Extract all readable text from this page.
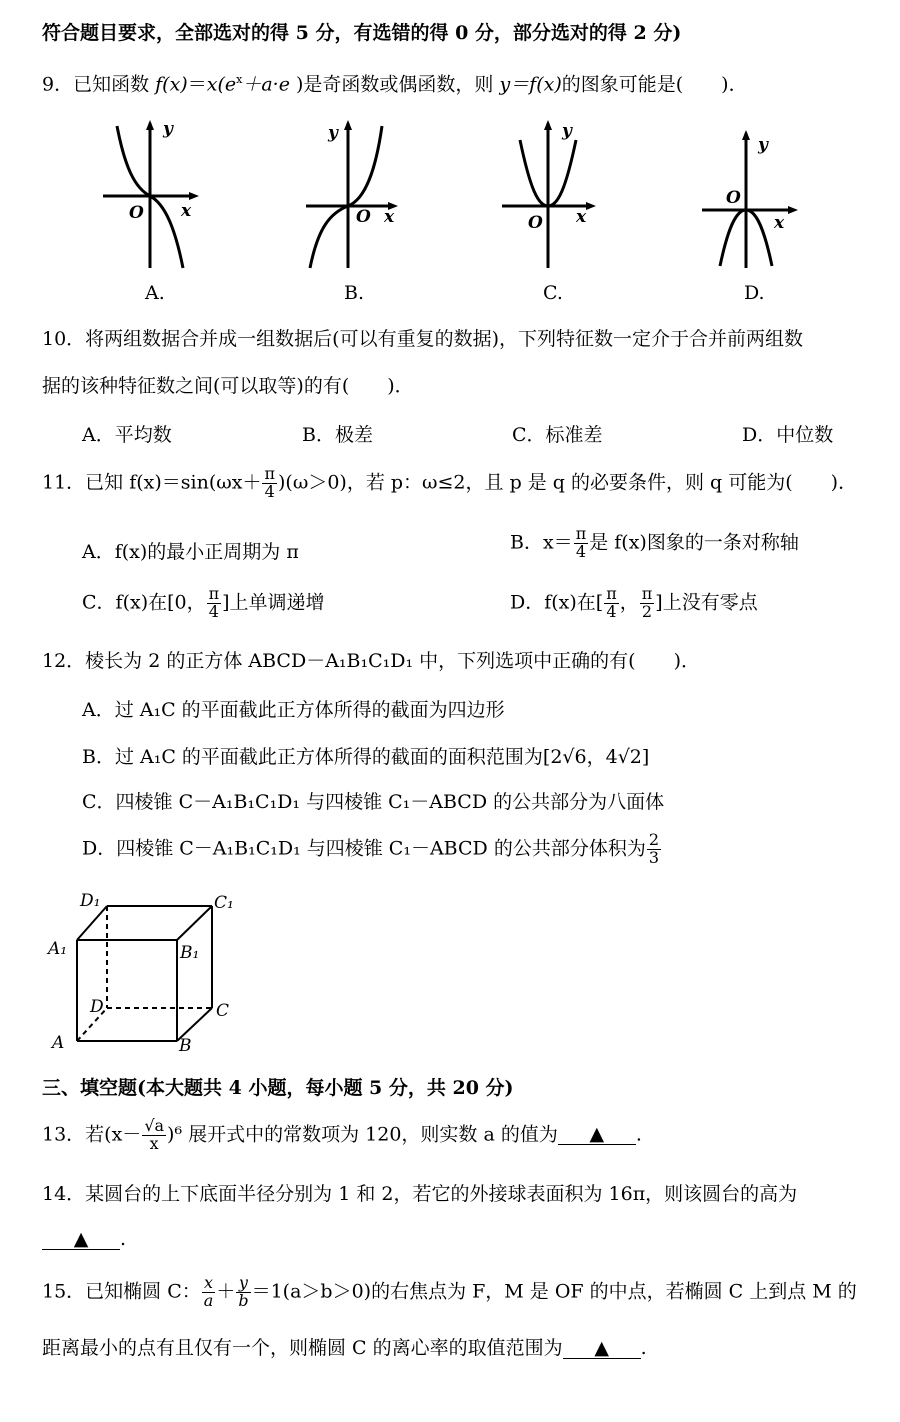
符合题目要求，全部选对的得 5 分，有选错的得 0 分，部分选对的得 2 分)
9．已知函数 $f(x)=x(e^x+a\cdot e$ )是奇函数或偶函数，则 y＝f(x)的图象可能是(　　)．
y
O x
A.
y
O x
B.
y
O x
C.
y
O
x
D.
10．将两组数据合并成一组数据后(可以有重复的数据)，下列特征数一定介于合并前两组数
据的该种特征数之间(可以取等)的有(　　)．
A．平均数	B．极差	C．标准差	D．中位数
11．已知 $f(x)=\sin(\omega x+ \frac{\pi}{4} )(\omega>0)$，若 p：ω≤2，且 p 是 q 的必要条件，则 q 可能为(　　)．
A．f(x)的最小正周期为 π	B．$x= \frac{\pi}{4}$ 是 f(x)图象的一条对称轴
C．f(x)在[0， $\frac{\pi}{4}$ ]上单调递增	D．f(x)在[ $\frac{\pi}{4}$ ， $\frac{\pi}{2}$ ]上没有零点
12．棱长为 2 的正方体 ABCD－A₁B₁C₁D₁ 中，下列选项中正确的有(　　)．
A．过 A₁C 的平面截此正方体所得的截面为四边形
B．过 A₁C 的平面截此正方体所得的截面的面积范围为[2√6，4√2]
C．四棱锥 C－A₁B₁C₁D₁ 与四棱锥 C₁－ABCD 的公共部分为八面体
D．四棱锥 C－A₁B₁C₁D₁ 与四棱锥 C₁－ABCD 的公共部分体积为 $\frac{2}{3}$
D₁	C₁
A₁	B₁
D	C
A	B
三、填空题(本大题共 4 小题，每小题 5 分，共 20 分)
13．若$(x- \frac{√a}{x} )^6$ 展开式中的常数项为 120，则实数 a 的值为 ▲ .
14．某圆台的上下底面半径分别为 1 和 2，若它的外接球表面积为 16π，则该圆台的高为
▲ .
15．已知椭圆 C： $\frac{x}{a} + \frac{y}{b} =1(a>b>0)$的右焦点为 F，M 是 OF 的中点，若椭圆 C 上到点 M 的
距离最小的点有且仅有一个，则椭圆 C 的离心率的取值范围为 ▲ .
